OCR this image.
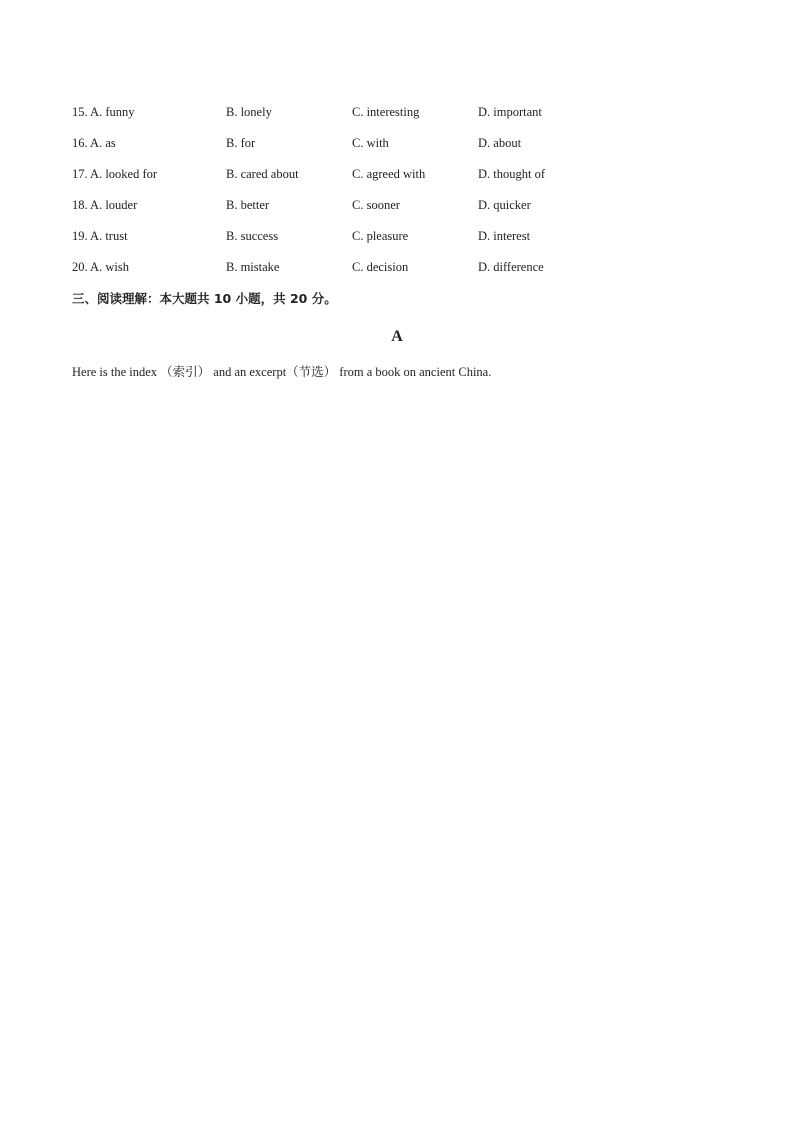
15. A. funny	B. lonely	C. interesting	D. important
16. A. as	B. for	C. with	D. about
17. A. looked for	B. cared about	C. agreed with	D. thought of
18. A. louder	B. better	C. sooner	D. quicker
19. A. trust	B. success	C. pleasure	D. interest
20. A. wish	B. mistake	C. decision	D. difference
三、阅读理解：本大题共 10 小题，共 20 分。
A
Here is the index （索引） and an excerpt（节选） from a book on ancient China.
